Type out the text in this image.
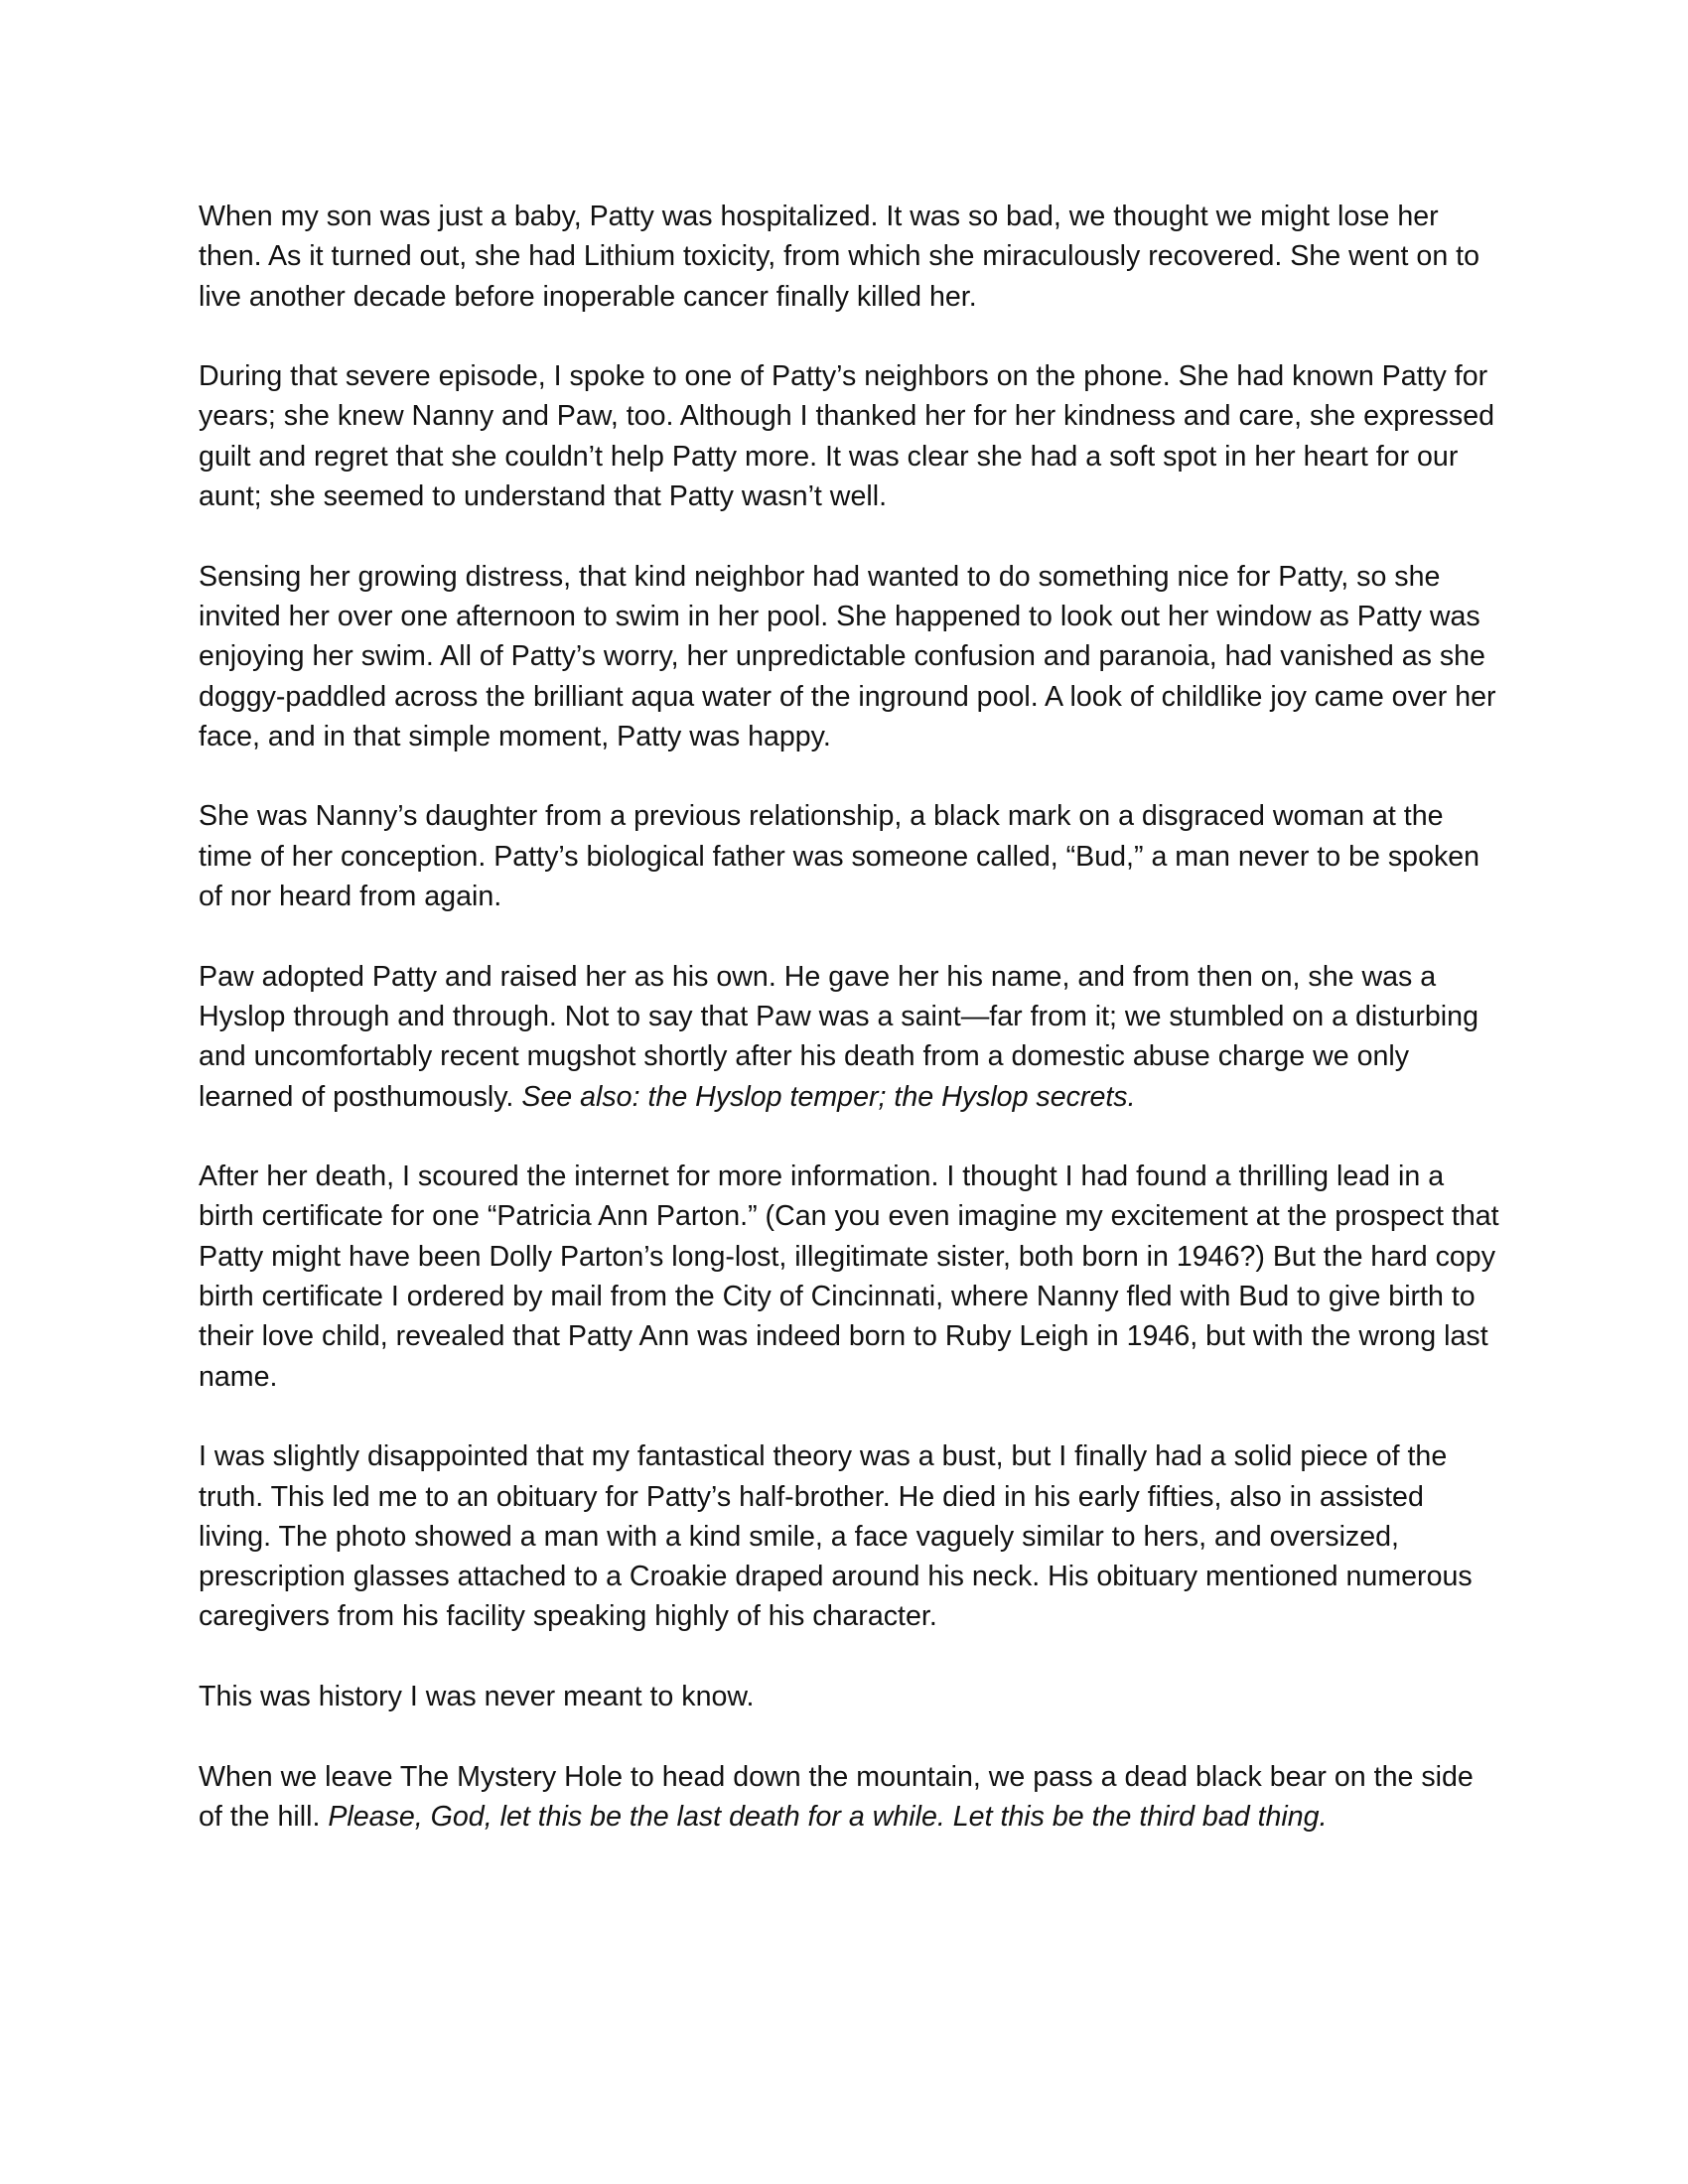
When my son was just a baby, Patty was hospitalized. It was so bad, we thought we might lose her then. As it turned out, she had Lithium toxicity, from which she miraculously recovered. She went on to live another decade before inoperable cancer finally killed her.

During that severe episode, I spoke to one of Patty’s neighbors on the phone. She had known Patty for years; she knew Nanny and Paw, too. Although I thanked her for her kindness and care, she expressed guilt and regret that she couldn’t help Patty more. It was clear she had a soft spot in her heart for our aunt; she seemed to understand that Patty wasn’t well.

Sensing her growing distress, that kind neighbor had wanted to do something nice for Patty, so she invited her over one afternoon to swim in her pool. She happened to look out her window as Patty was enjoying her swim. All of Patty’s worry, her unpredictable confusion and paranoia, had vanished as she doggy-paddled across the brilliant aqua water of the inground pool. A look of childlike joy came over her face, and in that simple moment, Patty was happy.

She was Nanny’s daughter from a previous relationship, a black mark on a disgraced woman at the time of her conception. Patty’s biological father was someone called, “Bud,” a man never to be spoken of nor heard from again.

Paw adopted Patty and raised her as his own. He gave her his name, and from then on, she was a Hyslop through and through. Not to say that Paw was a saint—far from it; we stumbled on a disturbing and uncomfortably recent mugshot shortly after his death from a domestic abuse charge we only learned of posthumously. See also: the Hyslop temper; the Hyslop secrets.

After her death, I scoured the internet for more information. I thought I had found a thrilling lead in a birth certificate for one “Patricia Ann Parton.” (Can you even imagine my excitement at the prospect that Patty might have been Dolly Parton’s long-lost, illegitimate sister, both born in 1946?) But the hard copy birth certificate I ordered by mail from the City of Cincinnati, where Nanny fled with Bud to give birth to their love child, revealed that Patty Ann was indeed born to Ruby Leigh in 1946, but with the wrong last name.

I was slightly disappointed that my fantastical theory was a bust, but I finally had a solid piece of the truth. This led me to an obituary for Patty’s half-brother. He died in his early fifties, also in assisted living. The photo showed a man with a kind smile, a face vaguely similar to hers, and oversized, prescription glasses attached to a Croakie draped around his neck. His obituary mentioned numerous caregivers from his facility speaking highly of his character.

This was history I was never meant to know.

When we leave The Mystery Hole to head down the mountain, we pass a dead black bear on the side of the hill. Please, God, let this be the last death for a while. Let this be the third bad thing.
